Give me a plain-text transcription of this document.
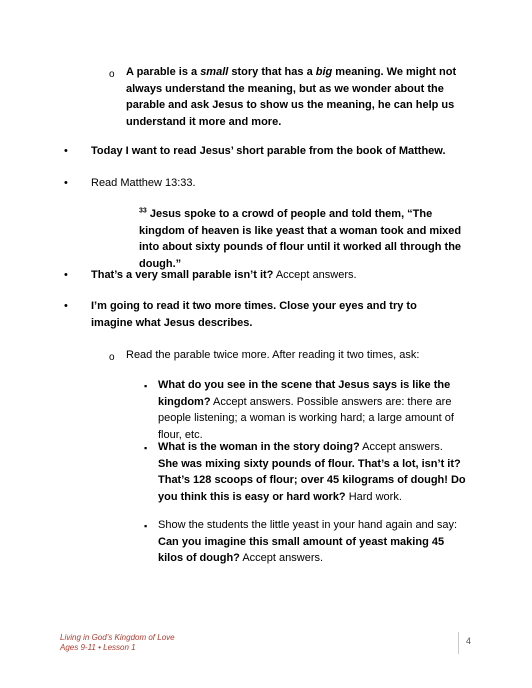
o A parable is a small story that has a big meaning. We might not always understand the meaning, but as we wonder about the parable and ask Jesus to show us the meaning, he can help us understand it more and more.
• Today I want to read Jesus’ short parable from the book of Matthew.
• Read Matthew 13:33.
$^{33}$ Jesus spoke to a crowd of people and told them, “The kingdom of heaven is like yeast that a woman took and mixed into about sixty pounds of flour until it worked all through the dough.”
• That’s a very small parable isn’t it? Accept answers.
• I’m going to read it two more times. Close your eyes and try to imagine what Jesus describes.
o Read the parable twice more. After reading it two times, ask:
▪ What do you see in the scene that Jesus says is like the kingdom? Accept answers. Possible answers are: there are people listening; a woman is working hard; a large amount of flour, etc.
▪ What is the woman in the story doing? Accept answers. She was mixing sixty pounds of flour. That’s a lot, isn’t it? That’s 128 scoops of flour; over 45 kilograms of dough! Do you think this is easy or hard work? Hard work.
▪ Show the students the little yeast in your hand again and say: Can you imagine this small amount of yeast making 45 kilos of dough? Accept answers.
Living in God’s Kingdom of Love
Ages 9-11 • Lesson 1
4
